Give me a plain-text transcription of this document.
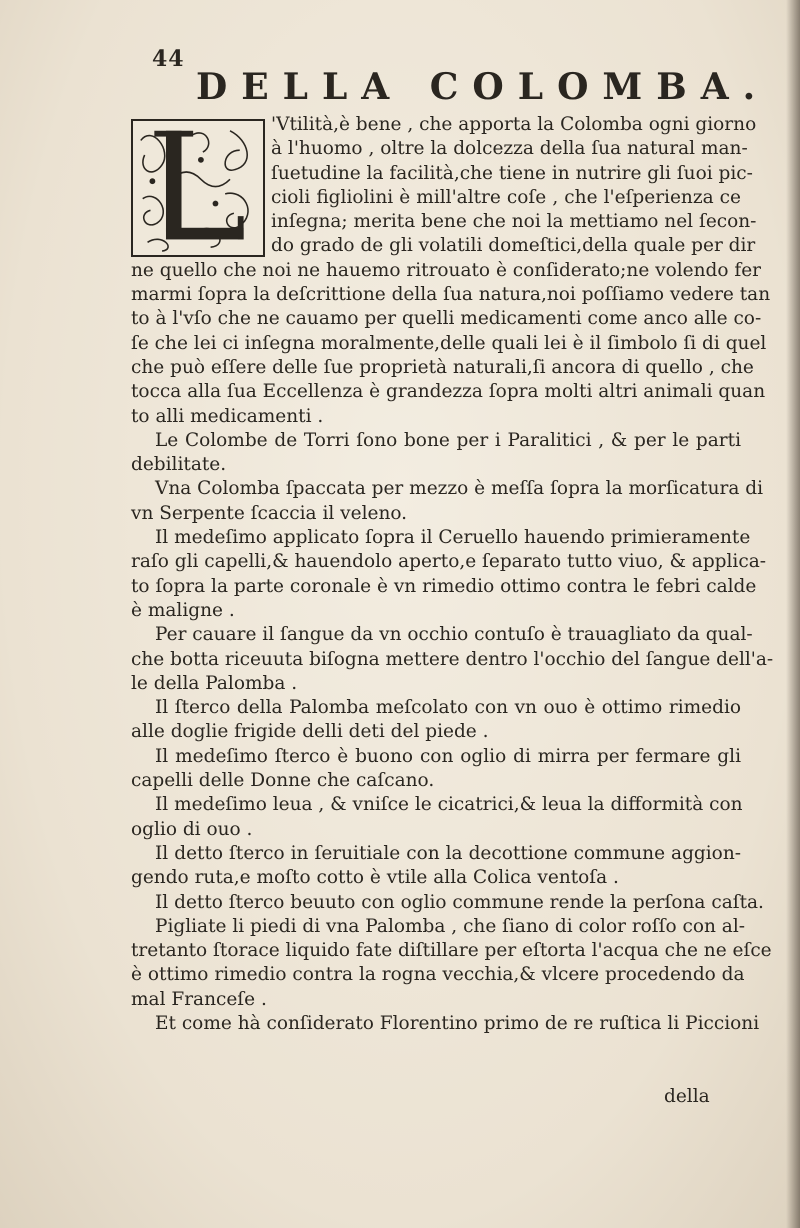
44
DELLA COLOMBA.
'Vtilità,è bene , che apporta la Colomba ogni giorno
à l'huomo , oltre la dolcezza della ſua natural man-
ſuetudine la facilità,che tiene in nutrire gli ſuoi pic-
cioli figliolini è mill'altre coſe , che l'eſperienza ce
inſegna; merita bene che noi la mettiamo nel ſecon-
do grado de gli volatili domeſtici,della quale per dir
ne quello che noi ne hauemo ritrouato è conſiderato;ne volendo fer
marmi ſopra la deſcrittione della ſua natura,noi poſſiamo vedere tan
to à l'vſo che ne cauamo per quelli medicamenti come anco alle co-
ſe che lei ci inſegna moralmente,delle quali lei è il ſimbolo ſi di quel
che può eſſere delle ſue proprietà naturali,ſi ancora di quello , che
tocca alla ſua Eccellenza è grandezza ſopra molti altri animali quan
to alli medicamenti .
Le Colombe de Torri ſono bone per i Paralitici , & per le parti
debilitate.
Vna Colomba ſpaccata per mezzo è meſſa ſopra la morſicatura di
vn Serpente ſcaccia il veleno.
Il medeſimo applicato ſopra il Ceruello hauendo primieramente
raſo gli capelli,& hauendolo aperto,e ſeparato tutto viuo, & applica-
to ſopra la parte coronale è vn rimedio ottimo contra le febri calde
è maligne .
Per cauare il ſangue da vn occhio contuſo è trauagliato da qual-
che botta riceuuta biſogna mettere dentro l'occhio del ſangue dell'a-
le della Palomba .
Il ſterco della Palomba meſcolato con vn ouo è ottimo rimedio
alle doglie frigide delli deti del piede .
Il medeſimo ſterco è buono con oglio di mirra per fermare gli
capelli delle Donne che caſcano.
Il medeſimo leua , & vniſce le cicatrici,& leua la difformità con
oglio di ouo .
Il detto ſterco in ſeruitiale con la decottione commune aggion-
gendo ruta,e moſto cotto è vtile alla Colica ventoſa .
Il detto ſterco beuuto con oglio commune rende la perſona caſta.
Pigliate li piedi di vna Palomba , che ſiano di color roſſo con al-
tretanto ſtorace liquido fate diſtillare per eſtorta l'acqua che ne eſce
è ottimo rimedio contra la rogna vecchia,& vlcere procedendo da
mal Franceſe .
Et come hà conſiderato Florentino primo de re ruſtica li Piccioni
della
